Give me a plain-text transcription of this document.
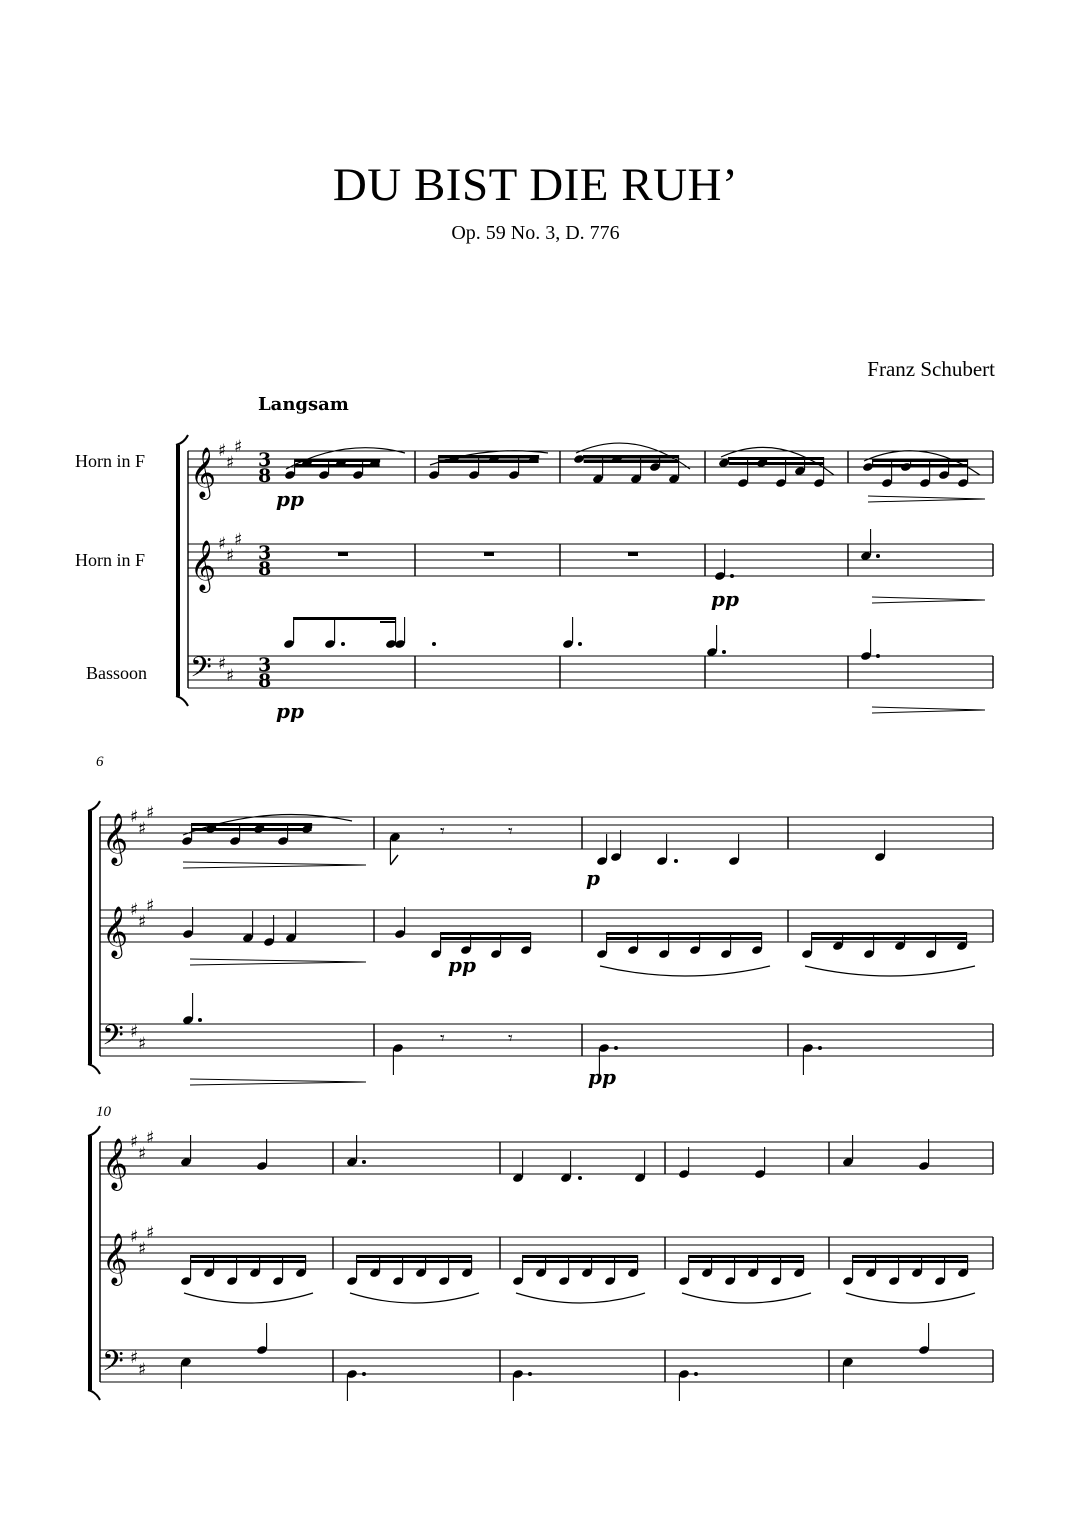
DU BIST DIE RUH’
Op. 59 No. 3, D. 776
Franz Schubert
Langsam
Horn in F
Horn in F
Bassoon
6
10
𝄞
𝄞
𝄢
♯
♯
♯
♯
♯
♯
♯
♯
3
8
3
8
3
8
pp
pp
pp
𝄞
𝄞
𝄢
♯
♯
♯
♯
♯
♯
♯
♯
𝄾	𝄾
p
pp
𝄾	𝄾
pp
𝄞
𝄞
𝄢
♯
♯
♯
♯
♯
♯
♯
♯
